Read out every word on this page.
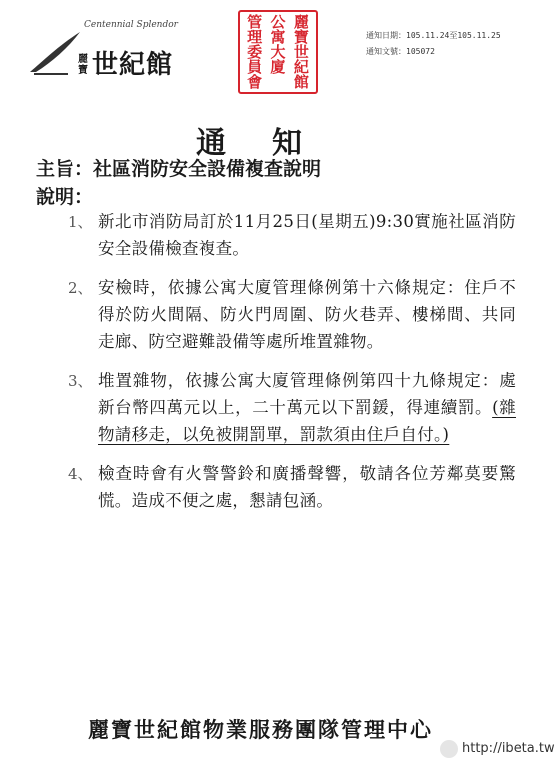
Centennial Splendor
麗寶 世紀館
麗
寶
世
紀
館
公
寓
大
廈
管
理
委
員
會
通知日期：105.11.24至105.11.25
通知文號：105072
通知
主旨：社區消防安全設備複查說明
說明：
1、 新北市消防局訂於11月25日(星期五)9:30實施社區消防安全設備檢查複查。
2、 安檢時，依據公寓大廈管理條例第十六條規定：住戶不得於防火間隔、防火門周圍、防火巷弄、樓梯間、共同走廊、防空避難設備等處所堆置雜物。
3、 堆置雜物，依據公寓大廈管理條例第四十九條規定：處新台幣四萬元以上，二十萬元以下罰鍰，得連續罰。(雜物請移走，以免被開罰單，罰款須由住戶自付。)
4、 檢查時會有火警警鈴和廣播聲響，敬請各位芳鄰莫要驚慌。造成不便之處，懇請包涵。
麗寶世紀館物業服務團隊管理中心
http://ibeta.tw
